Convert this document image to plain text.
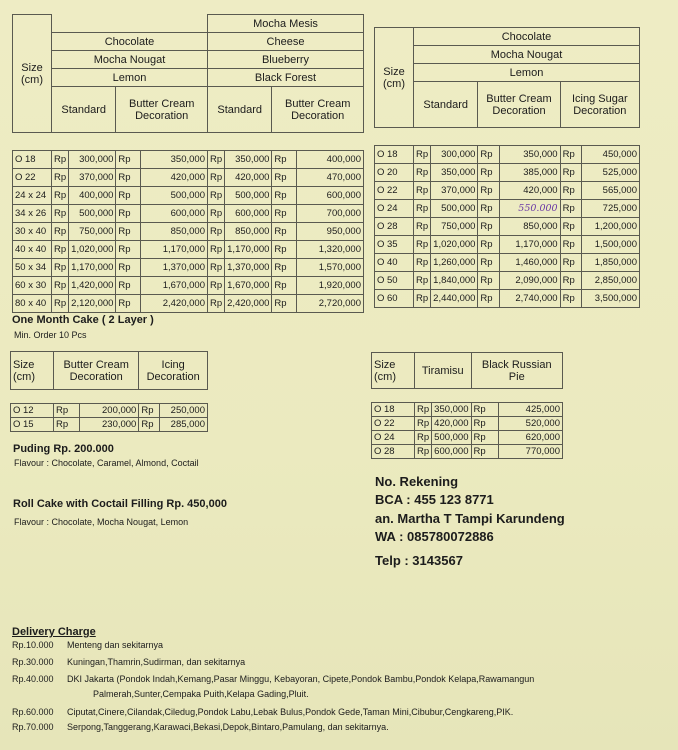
Size
(cm)					Mocha Mesis			
	Chocolate				Cheese			
	Mocha Nougat				Blueberry			
	Lemon				Black Forest			
	Standard		Butter Cream Decoration		Standard		Butter Cream Decoration	

O 18	Rp	300,000	Rp	350,000	Rp	350,000	Rp	400,000
O 22	Rp	370,000	Rp	420,000	Rp	420,000	Rp	470,000
24 x 24	Rp	400,000	Rp	500,000	Rp	500,000	Rp	600,000
34 x 26	Rp	500,000	Rp	600,000	Rp	600,000	Rp	700,000
30 x 40	Rp	750,000	Rp	850,000	Rp	850,000	Rp	950,000
40 x 40	Rp	1,020,000	Rp	1,170,000	Rp	1,170,000	Rp	1,320,000
50 x 34	Rp	1,170,000	Rp	1,370,000	Rp	1,370,000	Rp	1,570,000
60 x 30	Rp	1,420,000	Rp	1,670,000	Rp	1,670,000	Rp	1,920,000
80 x 40	Rp	2,120,000	Rp	2,420,000	Rp	2,420,000	Rp	2,720,000
Size
(cm)	Chocolate					
	Mocha Nougat					
	Lemon					
	Standard		Butter Cream Decoration		Icing Sugar Decoration	

O 18	Rp	300,000	Rp	350,000	Rp	450,000
O 20	Rp	350,000	Rp	385,000	Rp	525,000
O 22	Rp	370,000	Rp	420,000	Rp	565,000
O 24	Rp	500,000	Rp	550.000	Rp	725,000
O 28	Rp	750,000	Rp	850,000	Rp	1,200,000
O 35	Rp	1,020,000	Rp	1,170,000	Rp	1,500,000
O 40	Rp	1,260,000	Rp	1,460,000	Rp	1,850,000
O 50	Rp	1,840,000	Rp	2,090,000	Rp	2,850,000
O 60	Rp	2,440,000	Rp	2,740,000	Rp	3,500,000
One Month Cake ( 2 Layer )
Min. Order 10 Pcs
Size
(cm)	Butter Cream Decoration		Icing Decoration	

O 12	Rp	200,000	Rp	250,000
O 15	Rp	230,000	Rp	285,000
Size
(cm)	Tiramisu		Black Russian Pie	

O 18	Rp	350,000	Rp	425,000
O 22	Rp	420,000	Rp	520,000
O 24	Rp	500,000	Rp	620,000
O 28	Rp	600,000	Rp	770,000
Puding Rp. 200.000
Flavour : Chocolate, Caramel, Almond, Coctail
Roll Cake with Coctail Filling Rp. 450,000
Flavour : Chocolate, Mocha Nougat, Lemon
No. Rekening
BCA : 455 123 8771
an. Martha T Tampi Karundeng
WA : 085780072886
Telp : 3143567
Delivery Charge
Rp.10.000 Menteng dan sekitarnya
Rp.30.000 Kuningan,Thamrin,Sudirman, dan sekitarnya
Rp.40.000 DKI Jakarta (Pondok Indah,Kemang,Pasar Minggu, Kebayoran, Cipete,Pondok Bambu,Pondok Kelapa,Rawamangun
Palmerah,Sunter,Cempaka Puith,Kelapa Gading,Pluit.
Rp.60.000 Ciputat,Cinere,Cilandak,Ciledug,Pondok Labu,Lebak Bulus,Pondok Gede,Taman Mini,Cibubur,Cengkareng,PIK.
Rp.70.000 Serpong,Tanggerang,Karawaci,Bekasi,Depok,Bintaro,Pamulang, dan sekitarnya.
